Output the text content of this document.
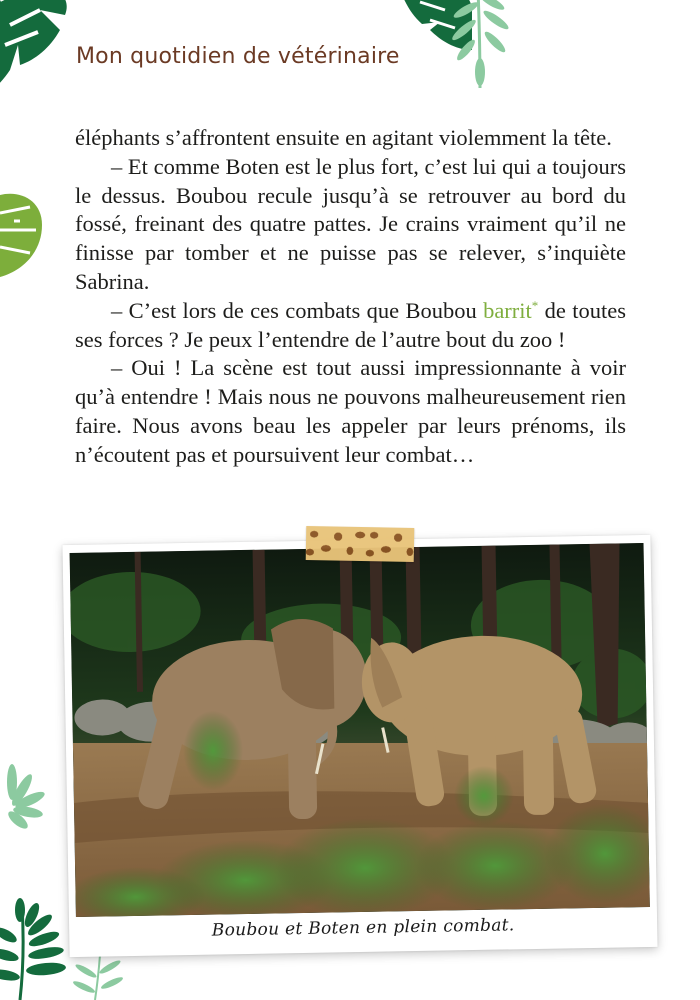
Mon quotidien de vétérinaire

éléphants s’affrontent ensuite en agitant violemment la tête.

– Et comme Boten est le plus fort, c’est lui qui a toujours le dessus. Boubou recule jusqu’à se retrouver au bord du fossé, freinant des quatre pattes. Je crains vraiment qu’il ne finisse par tomber et ne puisse pas se relever, s’inquiète Sabrina.

– C’est lors de ces combats que Boubou barrit* de toutes ses forces ? Je peux l’entendre de l’autre bout du zoo !

– Oui ! La scène est tout aussi impressionnante à voir qu’à entendre ! Mais nous ne pouvons malheureusement rien faire. Nous avons beau les appeler par leurs prénoms, ils n’écoutent pas et poursuivent leur combat…

Boubou et Boten en plein combat.
